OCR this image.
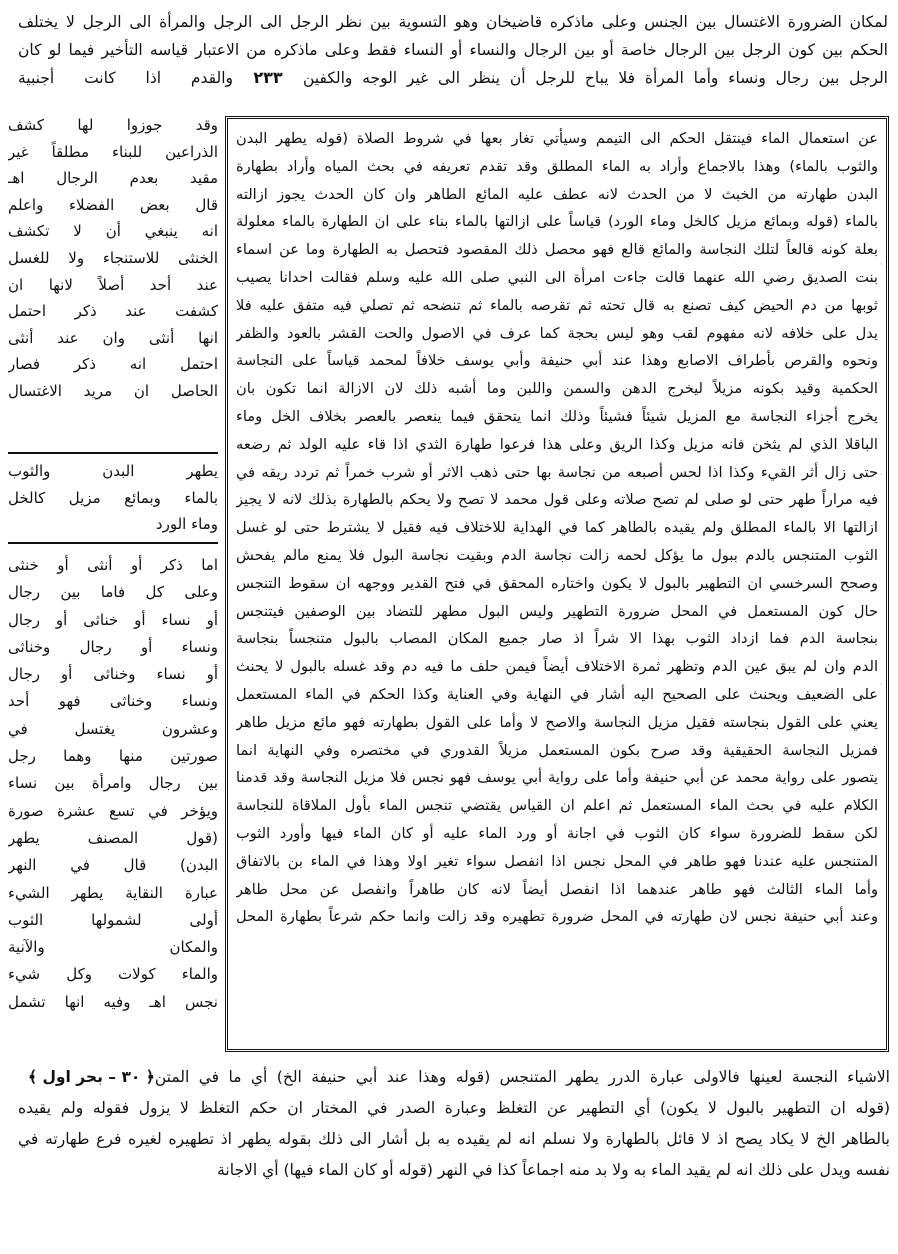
لمكان الضرورة الاغتسال بين الجنس وعلى ماذكره قاضيخان وهو التسوية بين نظر الرجل الى الرجل والمرأة الى الرجل لا يختلف
الحكم بين كون الرجل بين الرجال خاصة أو بين الرجال والنساء أو النساء فقط وعلى ماذكره من الاعتبار قياسه التأخير فيما لو كان
الرجل بين رجال ونساء وأما المرأة فلا يباح للرجل أن ينظر الى غير الوجه والكفين
٢٣٣
والقدم اذا كانت أجنبية
عن استعمال الماء فينتقل الحكم الى التيمم وسيأتي تغار بعها في شروط الصلاة (قوله يطهر البدن
والثوب بالماء) وهذا بالاجماع وأراد به الماء المطلق وقد تقدم تعريفه في بحث المياه وأراد بطهارة
البدن طهارته من الخبث لا من الحدث لانه عطف عليه المائع الطاهر وان كان الحدث يجوز ازالته
بالماء (قوله وبمائع مزيل كالخل وماء الورد) قياساً على ازالتها بالماء بناء على ان الطهارة بالماء معلولة
بعلة كونه قالعاً لتلك النجاسة والمائع قالع فهو محصل ذلك المقصود فتحصل به الطهارة وما عن اسماء
بنت الصديق رضي الله عنهما قالت جاءت امرأة الى النبي صلى الله عليه وسلم فقالت احدانا يصيب
ثوبها من دم الحيض كيف تصنع به قال تحته ثم تقرصه بالماء ثم تنضحه ثم تصلي فيه متفق عليه فلا
يدل على خلافه لانه مفهوم لقب وهو ليس بحجة كما عرف في الاصول والحت القشر بالعود والظفر
ونحوه والقرص بأطراف الاصابع وهذا عند أبي حنيفة وأبي يوسف خلافاً لمحمد قياساً على النجاسة
الحكمية وقيد بكونه مزيلاً ليخرج الدهن والسمن واللبن وما أشبه ذلك لان الازالة انما تكون بان
يخرج أجزاء النجاسة مع المزيل شيئاً فشيئاً وذلك انما يتحقق فيما ينعصر بالعصر بخلاف الخل وماء
الباقلا الذي لم يثخن فانه مزيل وكذا الريق وعلى هذا فرعوا طهارة الثدي اذا قاء عليه الولد ثم رضعه
حتى زال أثر القيء وكذا اذا لحس أصبعه من نجاسة بها حتى ذهب الاثر أو شرب خمراً ثم تردد ريقه في
فيه مراراً طهر حتى لو صلى لم تصح صلاته وعلى قول محمد لا تصح ولا يحكم بالطهارة بذلك لانه لا يجيز
ازالتها الا بالماء المطلق ولم يقيده بالطاهر كما في الهداية للاختلاف فيه فقيل لا يشترط حتى لو غسل
الثوب المتنجس بالدم ببول ما يؤكل لحمه زالت نجاسة الدم وبقيت نجاسة البول فلا يمنع مالم يفحش
وصحح السرخسي ان التطهير بالبول لا يكون واختاره المحقق في فتح القدير ووجهه ان سقوط التنجس
حال كون المستعمل في المحل ضرورة التطهير وليس البول مطهر للتضاد بين الوصفين فيتنجس
بنجاسة الدم فما ازداد الثوب بهذا الا شراً اذ صار جميع المكان المصاب بالبول متنجساً بنجاسة
الدم وان لم يبق عين الدم وتظهر ثمرة الاختلاف أيضاً فيمن حلف ما فيه دم وقد غسله بالبول لا يحنث
على الضعيف ويحنث على الصحيح اليه أشار في النهاية وفي العناية وكذا الحكم في الماء المستعمل
يعني على القول بنجاسته فقيل مزيل النجاسة والاصح لا وأما على القول بطهارته فهو مائع مزيل طاهر
فمزيل النجاسة الحقيقية وقد صرح بكون المستعمل مزيلاً القدوري في مختصره وفي النهاية انما
يتصور على رواية محمد عن أبي حنيفة وأما على رواية أبي يوسف فهو نجس فلا مزيل النجاسة وقد قدمنا
الكلام عليه في بحث الماء المستعمل ثم اعلم ان القياس يقتضي تنجس الماء بأول الملاقاة للنجاسة
لكن سقط للضرورة سواء كان الثوب في اجانة أو ورد الماء عليه أو كان الماء فيها وأورد الثوب
المتنجس عليه عندنا فهو طاهر في المحل نجس اذا انفصل سواء تغير اولا وهذا في الماء بن بالاتفاق
وأما الماء الثالث فهو طاهر عندهما اذا انفصل أيضاً لانه كان طاهراً وانفصل عن محل طاهر
وعند أبي حنيفة نجس لان طهارته في المحل ضرورة تطهيره وقد زالت وانما حكم شرعاً بطهارة المحل
وقد جوزوا لها كشف
الذراعين للبناء مطلقاً غير
مقيد بعدم الرجال اهـ
قال بعض الفضلاء واعلم
انه ينبغي أن لا تكشف
الخنثى للاستنجاء ولا للغسل
عند أحد أصلاً لانها ان
كشفت عند ذكر احتمل
انها أنثى وان عند أنثى
احتمل انه ذكر فصار
الحاصل ان مريد الاغتسال
يطهر البدن والثوب
بالماء وبمائع مزيل كالخل
وماء الورد
اما ذكر أو أنثى أو خنثى
وعلى كل فاما بين رجال
أو نساء أو خناثى أو رجال
ونساء أو رجال وخناثى
أو نساء وخناثى أو رجال
ونساء وخناثى فهو أحد
وعشرون يغتسل في
صورتين منها وهما رجل
بين رجال وامرأة بين نساء
ويؤخر في تسع عشرة صورة
(قول المصنف يطهر
البدن) قال في النهر
عبارة النقاية يطهر الشيء
أولى لشمولها الثوب
والمكان والآنية
والماء كولات وكل شيء
نجس اهـ وفيه انها تشمل
·
·
·
الاشياء النجسة لعينها فالاولى عبارة الدرر يطهر المتنجس (قوله وهذا عند أبي حنيفة الخ) أي ما في المتن
﴿ ٣٠ – بحر اول ﴾
(قوله ان التطهير بالبول لا يكون) أي التطهير عن التغلظ وعبارة الصدر في المختار ان حكم التغلظ لا يزول فقوله ولم يقيده
بالطاهر الخ لا يكاد يصح اذ لا قائل بالطهارة ولا نسلم انه لم يقيده به بل أشار الى ذلك بقوله يطهر اذ تطهيره لغيره فرع طهارته في
نفسه ويدل على ذلك انه لم يقيد الماء به ولا بد منه اجماعاً كذا في النهر (قوله أو كان الماء فيها) أي الاجانة
